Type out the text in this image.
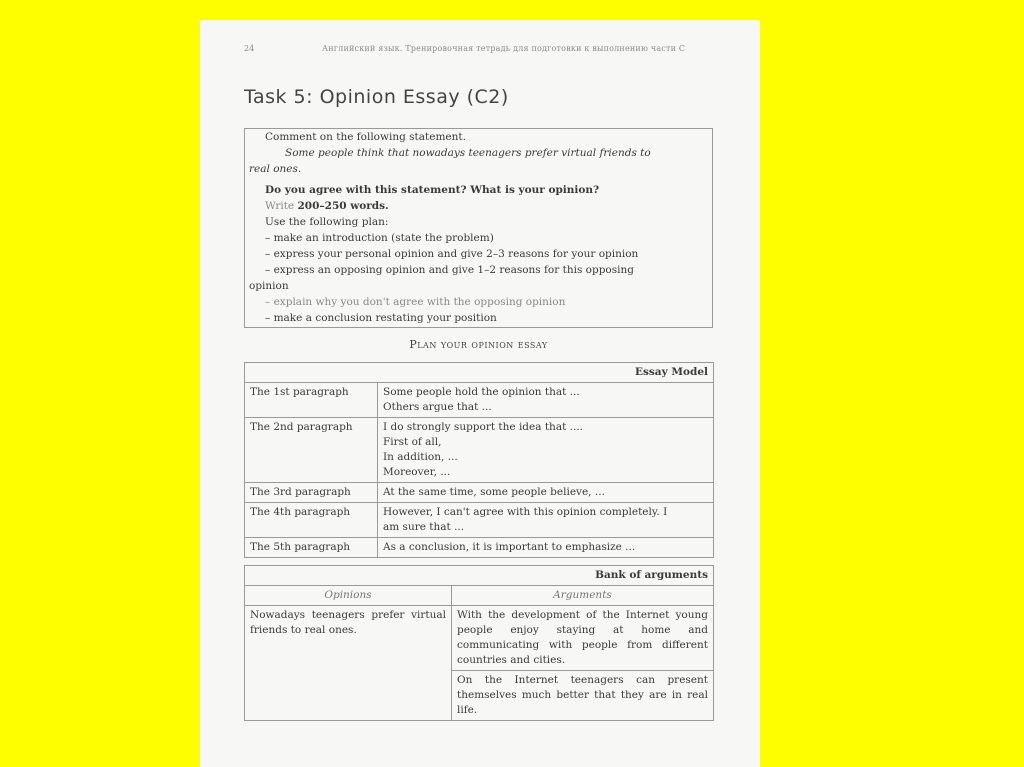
24	Английский язык. Тренировочная тетрадь для подготовки к выполнению части С
Task 5: Opinion Essay (C2)

Comment on the following statement.

Some people think that nowadays teenagers prefer virtual friends to

real ones.

Do you agree with this statement? What is your opinion?

Write 200–250 words.

Use the following plan:

– make an introduction (state the problem)

– express your personal opinion and give 2–3 reasons for your opinion

– express an opposing opinion and give 1–2 reasons for this opposing

opinion

– explain why you don't agree with the opposing opinion

– make a conclusion restating your position

Plan your opinion essay
Essay Model	
The 1st paragraph	Some people hold the opinion that ...
Others argue that ...

The 2nd paragraph	I do strongly support the idea that ....
First of all,
In addition, ...
Moreover, ...

The 3rd paragraph	At the same time, some people believe, ...

The 4th paragraph	However, I can't agree with this opinion completely. I
am sure that ...

The 5th paragraph	As a conclusion, it is important to emphasize ...
Bank of arguments	
Opinions	Arguments
Nowadays teenagers prefer virtual friends to real ones.	With the development of the Internet young people enjoy staying at home and communicating with people from different countries and cities.
	On the Internet teenagers can present themselves much better that they are in real life.
